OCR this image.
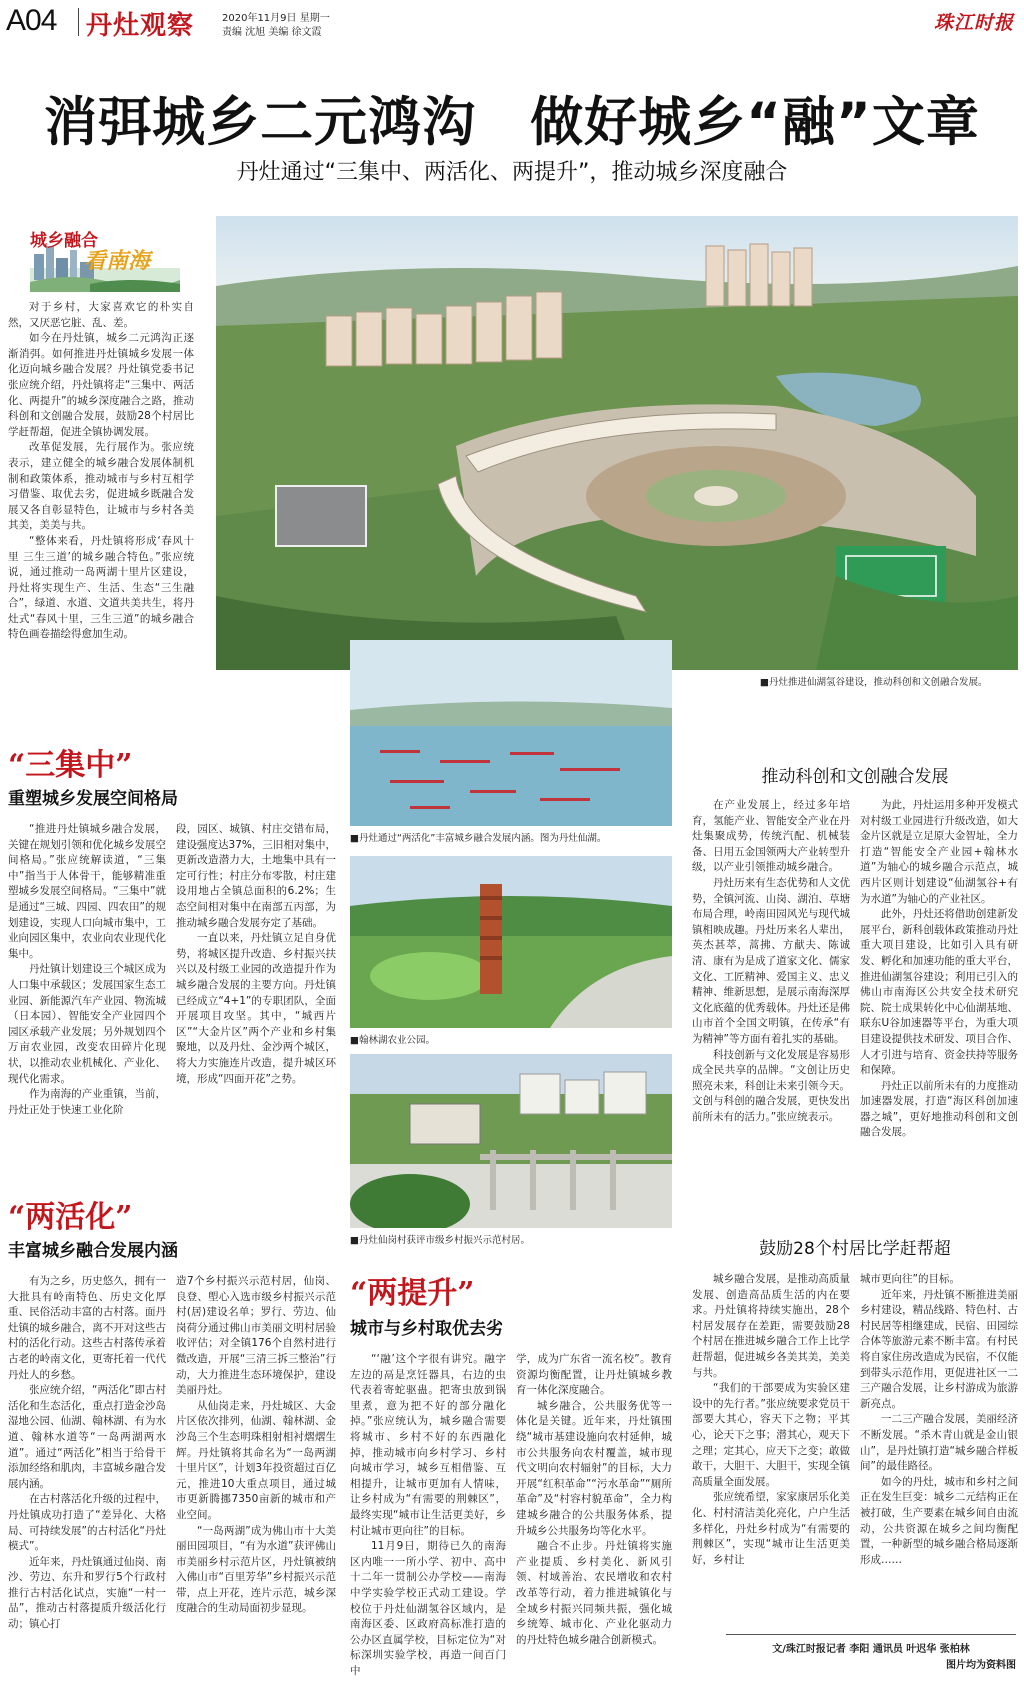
A04 丹灶观察	2020年11月9日 星期一
责编 沈旭 美编 徐文霞	珠江时报
消弭城乡二元鸿沟　做好城乡“融”文章
丹灶通过“三集中、两活化、两提升”，推动城乡深度融合
城乡融合
看南海

对于乡村，大家喜欢它的朴实自然，又厌恶它脏、乱、差。

如今在丹灶镇，城乡二元鸿沟正逐渐消弭。如何推进丹灶镇城乡发展一体化迈向城乡融合发展？丹灶镇党委书记张应统介绍，丹灶镇将走“三集中、两活化、两提升”的城乡深度融合之路，推动科创和文创融合发展，鼓励28个村居比学赶帮超，促进全镇协调发展。

改革促发展，先行展作为。张应统表示，建立健全的城乡融合发展体制机制和政策体系，推动城市与乡村互相学习借鉴、取优去劣，促进城乡既融合发展又各自彰显特色，让城市与乡村各美其美，美美与共。

“整体来看，丹灶镇将形成‘春风十里 三生三道’的城乡融合特色。”张应统说，通过推动一岛两湖十里片区建设，丹灶将实现生产、生活、生态“三生融合”，绿道、水道、文道共美共生，将丹灶式“春风十里，三生三道”的城乡融合特色画卷描绘得愈加生动。

■丹灶推进仙湖氢谷建设，推动科创和文创融合发展。
■丹灶通过“两活化”丰富城乡融合发展内涵。图为丹灶仙湖。
■翰林湖农业公园。
■丹灶仙岗村获评市级乡村振兴示范村居。
“三集中”
重塑城乡发展空间格局

“推进丹灶镇城乡融合发展，关键在规划引领和优化城乡发展空间格局。”张应统解读道，“三集中”指当于人体骨干，能够精准重塑城乡发展空间格局。“三集中”就是通过“三城、四园、四农田”的规划建设，实现人口向城市集中，工业向园区集中，农业向农业现代化集中。

丹灶镇计划建设三个城区成为人口集中承载区；发展国家生态工业园、新能源汽车产业园、物流城（日本园）、智能安全产业园四个园区承载产业发展；另外规划四个万亩农业园，改变农田碎片化现状，以推动农业机械化、产业化、现代化需求。

作为南海的产业重镇，当前，丹灶正处于快速工业化阶

段，园区、城镇、村庄交错布局，建设强度达37%，三旧相对集中，更新改造潜力大，土地集中具有一定可行性；村庄分布零散，村庄建设用地占全镇总面积的6.2%；生态空间相对集中在南部五丙部，为推动城乡融合发展夯定了基础。

一直以来，丹灶镇立足自身优势，将城区提升改造、乡村振兴扶兴以及村级工业园的改造提升作为城乡融合发展的主要方向。丹灶镇已经成立“4+1”的专职团队，全面开展项目攻坚。其中，“城西片区”“大金片区”两个产业和乡村集聚地，以及丹灶、金沙两个城区，将大力实施连片改造，提升城区环境，形成“四面开花”之势。

“两活化”
丰富城乡融合发展内涵

有为之乡，历史悠久，拥有一大批具有岭南特色、历史文化厚重、民俗活动丰富的古村落。面丹灶镇的城乡融合，离不开对这些古村的活化行动。这些古村落传承着古老的岭南文化，更寄托着一代代丹灶人的乡愁。

张应统介绍，“两活化”即古村活化和生态活化，重点打造金沙岛湿地公园、仙湖、翰林湖、有为水道、翰林水道等“一岛两湖两水道”。通过“两活化”相当于给骨干添加经络和肌肉，丰富城乡融合发展内涵。

在古村落活化升级的过程中，丹灶镇成功打造了“差异化、大格局、可持续发展”的古村活化“丹灶模式”。

近年来，丹灶镇通过仙岗、南沙、劳边、东升和罗行5个行政村推行古村活化试点，实施“一村一品”，推动古村落提质升级活化行动；镇心打

造7个乡村振兴示范村居，仙岗、良登、塱心入选市级乡村振兴示范村(居)建设名单；罗行、劳边、仙岗荷分通过佛山市美丽文明村居验收评估；对全镇176个自然村进行微改造，开展“三清三拆三整治”行动，大力推进生态环境保护，建设美丽丹灶。

从仙岗走来，丹灶城区、大金片区依次排列，仙湖、翰林湖、金沙岛三个生态明珠相射相衬熠熠生辉。丹灶镇将其命名为“一岛两湖十里片区”，计划3年投资超过百亿元，推进10大重点项目，通过城市更新腾挪7350亩新的城市和产业空间。

“一岛两湖”成为佛山市十大美丽田园项目，“有为水道”获评佛山市美丽乡村示范片区，丹灶镇被纳入佛山市“百里芳华”乡村振兴示范带，点上开花，连片示范，城乡深度融合的生动局面初步显现。

“两提升”
城市与乡村取优去劣

“‘融’这个字很有讲究。融字左边的鬲是烹饪器具，右边的虫代表着寄蛇驱蛊。把寄虫放到锅里煮，意为把不好的部分融化掉。”张应统认为，城乡融合需要将城市、乡村不好的东西融化掉，推动城市向乡村学习、乡村向城市学习，城乡互相借鉴、互相提升，让城市更加有人情味，让乡村成为“有需要的荆棘区”，最终实现“城市让生活更美好，乡村让城市更向往”的目标。

11月9日，期待已久的南海区内唯一一所小学、初中、高中十二年一贯制公办学校——南海中学实验学校正式动工建设。学校位于丹灶仙湖氢谷区域内，是南海区委、区政府高标准打造的公办区直属学校，目标定位为“对标深圳实验学校，再造一间百门中

学，成为广东省一流名校”。教育资源均衡配置，让丹灶镇城乡教育一体化深度融合。

城乡融合，公共服务优等一体化是关键。近年来，丹灶镇围绕“城市基建设施向农村延伸，城市公共服务向农村覆盖，城市现代文明向农村辐射”的目标，大力开展“红积革命”“污水革命”“厕所革命”及“村容村貌革命”，全力构建城乡融合的公共服务体系，提升城乡公共服务均等化水平。

融合不止步。丹灶镇将实施产业提质、乡村美化、新风引领、村域善治、农民增收和农村改革等行动，着力推进城镇化与全域乡村振兴同频共振，强化城乡统筹、城市化、产业化驱动力的丹灶特色城乡融合创新模式。

推动科创和文创融合发展

在产业发展上，经过多年培育，氢能产业、智能安全产业在丹灶集聚成势，传统汽配、机械装备、日用五金国领两大产业转型升级，以产业引领推动城乡融合。

丹灶历来有生态优势和人文优势，全镇河流、山岗、湖泊、草塘布局合理，岭南田园风光与现代城镇相映成趣。丹灶历来名人辈出，英杰甚萃，蒿拂、方献夫、陈诚清、康有为是成了道家文化、儒家文化、工匠精神、爱国主义、忠义精神、维新思想，是展示南海深厚文化底蕴的优秀载体。丹灶还是佛山市首个全国文明镇，在传承“有为精神”等方面有着扎实的基础。

科技创新与文化发展是容易形成全民共享的品牌。“文创让历史照亮未来，科创让未来引领今天。文创与科创的融合发展，更快发出前所未有的活力。”张应统表示。

为此，丹灶运用多种开发模式对村级工业园进行升级改造，如大金片区就是立足原大金智址，全力打造“智能安全产业园+翰林水道”为轴心的城乡融合示范点，城西片区则计划建设“仙湖氢谷+有为水道”为轴心的产业社区。

此外，丹灶还将借助创建新发展平台，新科创载体政策推动丹灶重大项目建设，比如引入具有研发、孵化和加速功能的重大平台，推进仙湖氢谷建设；利用已引入的佛山市南海区公共安全技术研究院、院士成果转化中心仙湖基地、联东U谷加速器等平台，为重大项目建设提供技术研发、项目合作、人才引进与培育、资金扶持等服务和保障。

丹灶正以前所未有的力度推动加速器发展，打造“海区科创加速器之城”，更好地推动科创和文创融合发展。

鼓励28个村居比学赶帮超

城乡融合发展，是推动高质量发展、创造高品质生活的内在要求。丹灶镇将持续实施出，28个村居发展存在差距，需要鼓励28个村居在推进城乡融合工作上比学赶帮超，促进城乡各美其美，美美与共。

“我们的干部要成为实验区建设中的先行者。”张应统要求党员干部要大其心，容天下之物；平其心，论天下之事；潜其心，观天下之理；定其心，应天下之变；敢做敢干，大胆干、大胆干，实现全镇高质量全面发展。

张应统希望，家家康居乐化美化、村村清洁美化亮化，户户生活多样化，丹灶乡村成为“有需要的荆棘区”，实现“城市让生活更美好，乡村让

城市更向往”的目标。

近年来，丹灶镇不断推进美丽乡村建设，精品线路、特色村、古村民居等相继建成，民宿、田园综合体等旅游元素不断丰富。有村民将自家住房改造成为民宿，不仅能到带头示范作用，更促进社区一二三产融合发展，让乡村游成为旅游新亮点。

一二三产融合发展，美丽经济不断发展。“杀木青山就是金山银山”，是丹灶镇打造“城乡融合样板间”的最佳路径。

如今的丹灶，城市和乡村之间正在发生巨变：城乡二元结构正在被打破，生产要素在城乡间自由流动，公共资源在城乡之间均衡配置，一种新型的城乡融合格局逐渐形成……

文/珠江时报记者 李阳 通讯员 叶迟华 张柏林
图片均为资料图
